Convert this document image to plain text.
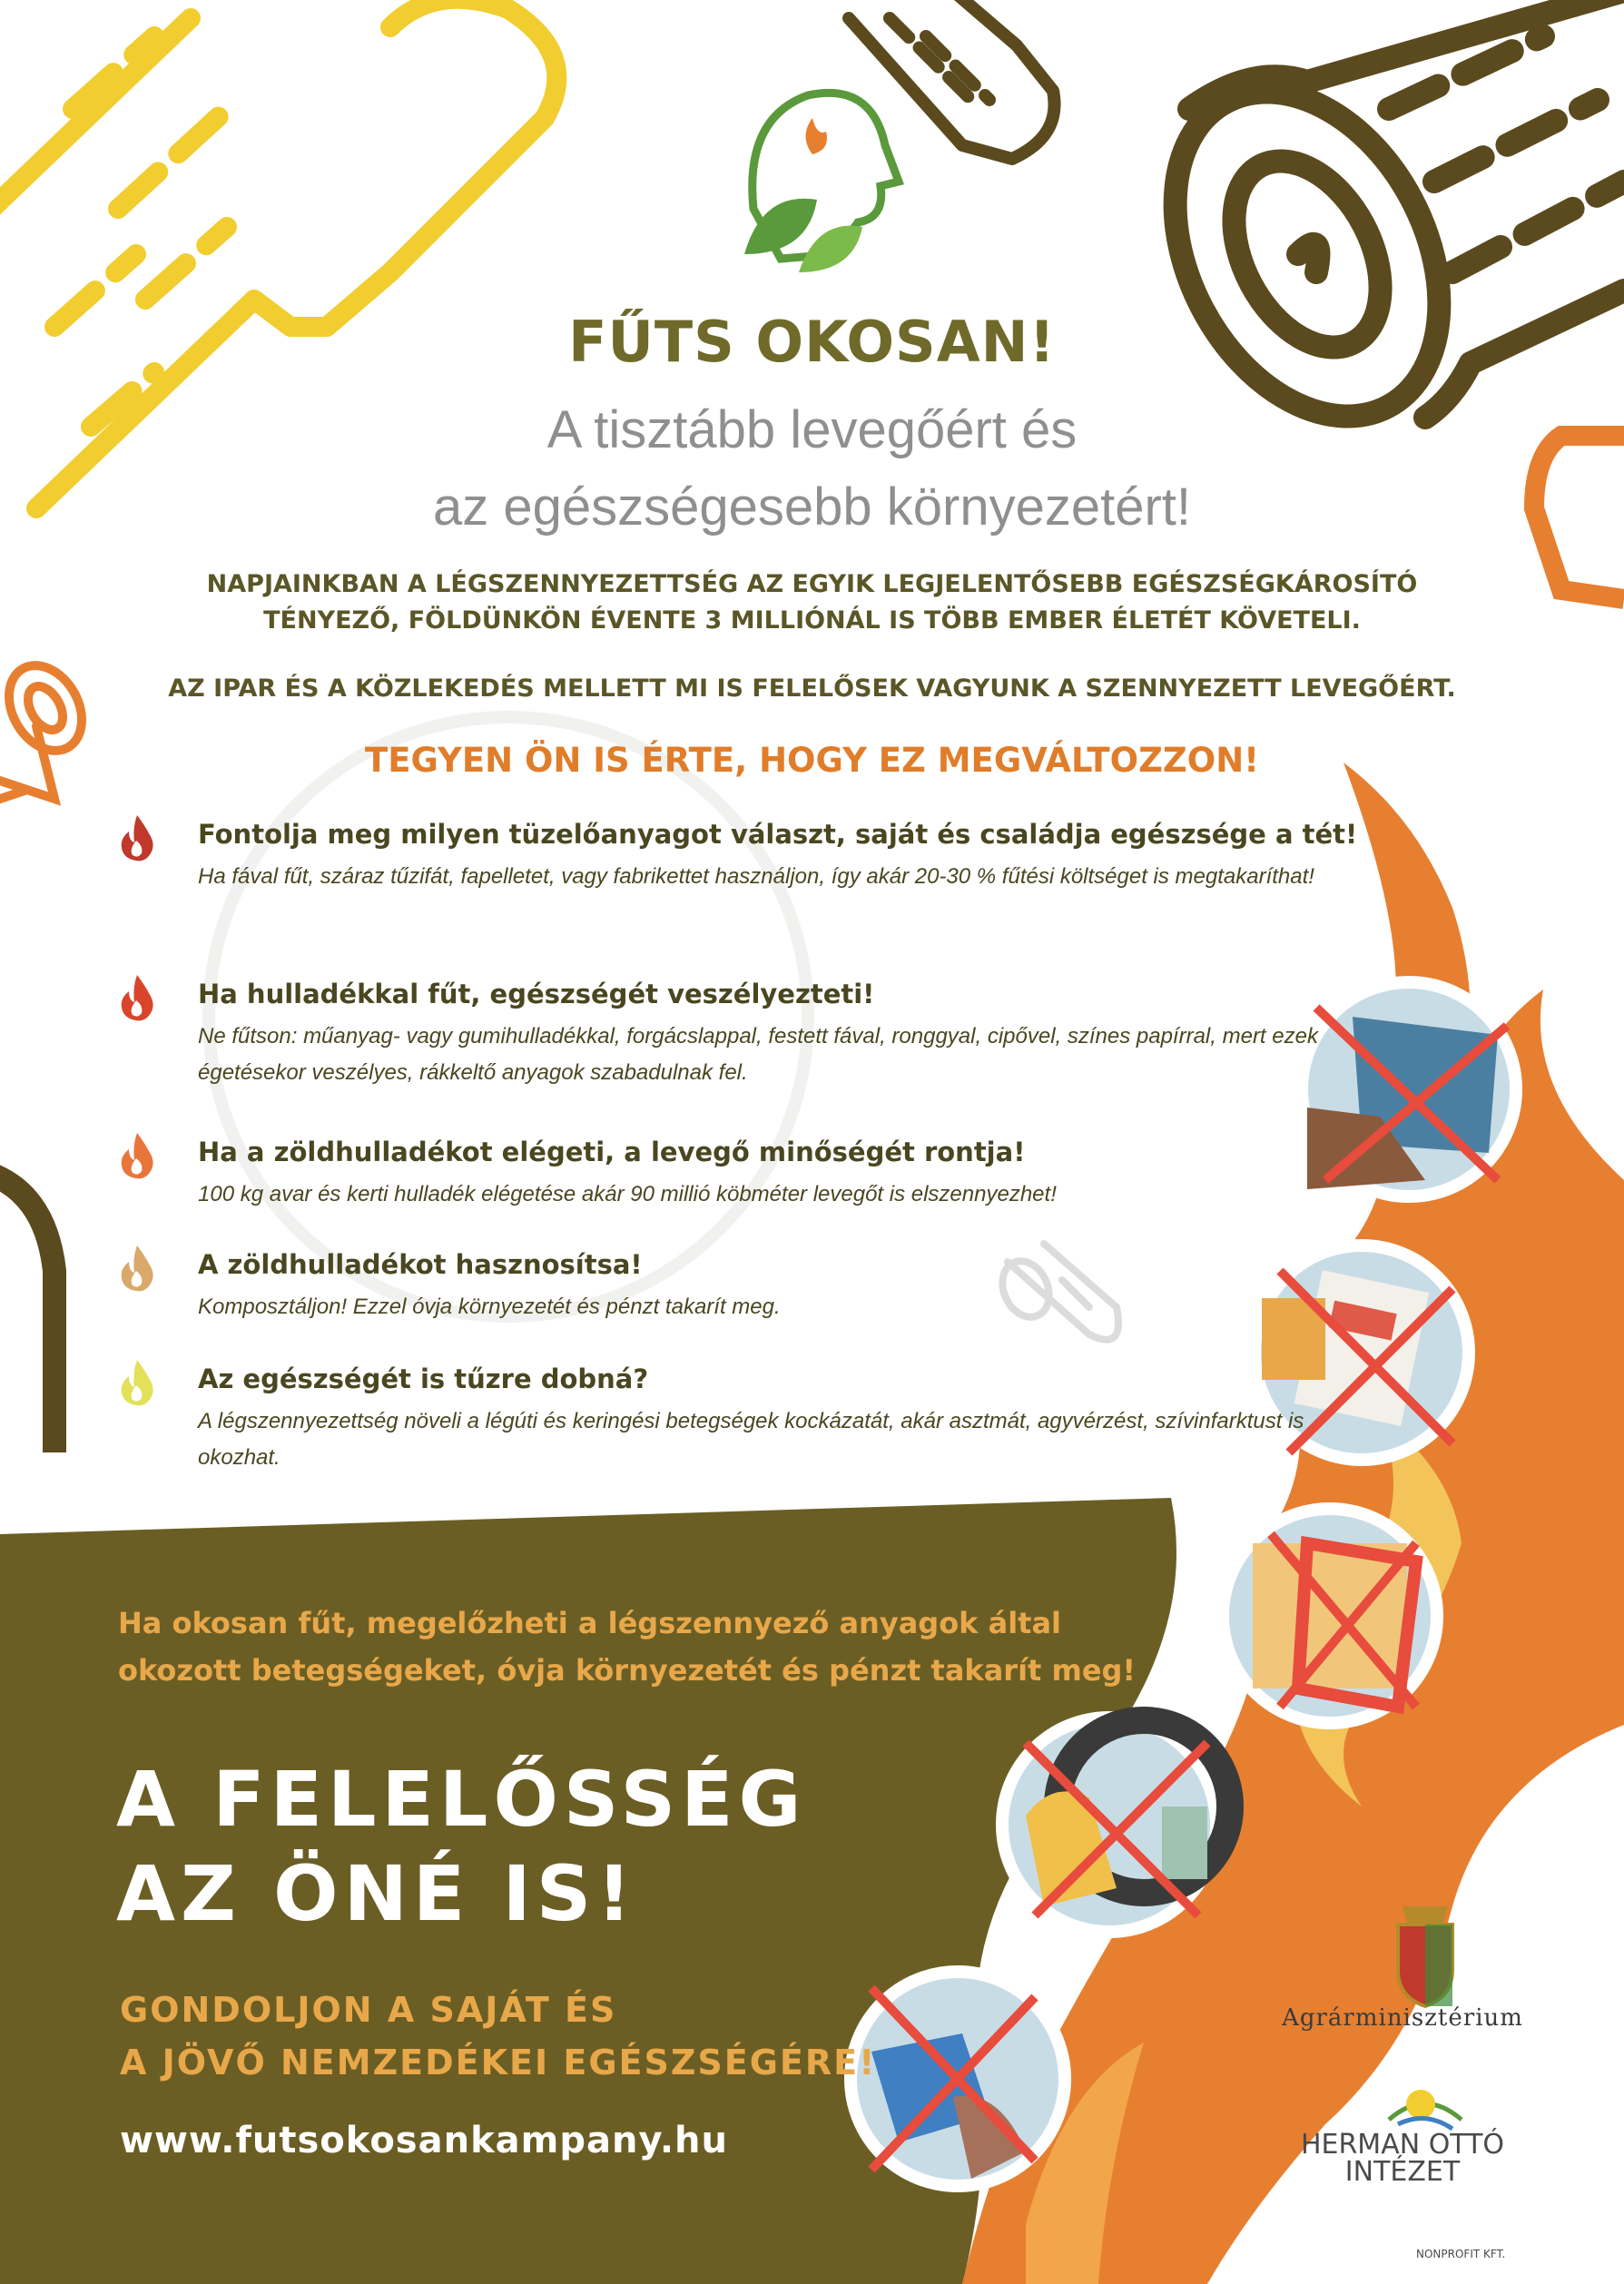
FŰTS OKOSAN!
A tisztább levegőért és
az egészségesebb környezetért!
NAPJAINKBAN A LÉGSZENNYEZETTSÉG AZ EGYIK LEGJELENTŐSEBB EGÉSZSÉGKÁROSÍTÓ
TÉNYEZŐ, FÖLDÜNKÖN ÉVENTE 3 MILLIÓNÁL IS TÖBB EMBER ÉLETÉT KÖVETELI.
AZ IPAR ÉS A KÖZLEKEDÉS MELLETT MI IS FELELŐSEK VAGYUNK A SZENNYEZETT LEVEGŐÉRT.
TEGYEN ÖN IS ÉRTE, HOGY EZ MEGVÁLTOZZON!
Fontolja meg milyen tüzelőanyagot választ, saját és családja egészsége a tét!
Ha fával fűt, száraz tűzifát, fapelletet, vagy fabrikettet használjon, így akár 20-30 % fűtési költséget is megtakaríthat!
Ha hulladékkal fűt, egészségét veszélyezteti!
Ne fűtson: műanyag- vagy gumihulladékkal, forgácslappal, festett fával, ronggyal, cipővel, színes papírral, mert ezek égetésekor veszélyes, rákkeltő anyagok szabadulnak fel.
Ha a zöldhulladékot elégeti, a levegő minőségét rontja!
100 kg avar és kerti hulladék elégetése akár 90 millió köbméter levegőt is elszennyezhet!
A zöldhulladékot hasznosítsa!
Komposztáljon! Ezzel óvja környezetét és pénzt takarít meg.
Az egészségét is tűzre dobná?
A légszennyezettség növeli a légúti és keringési betegségek kockázatát, akár asztmát, agyvérzést, szívinfarktust is okozhat.
Ha okosan fűt, megelőzheti a légszennyező anyagok által
okozott betegségeket, óvja környezetét és pénzt takarít meg!
A FELELŐSSÉG
AZ ÖNÉ IS!
GONDOLJON A SAJÁT ÉS
A JÖVŐ NEMZEDÉKEI EGÉSZSÉGÉRE!
www.futsokosankampany.hu
Agrárminisztérium
HERMAN OTTÓ
INTÉZET
NONPROFIT KFT.
